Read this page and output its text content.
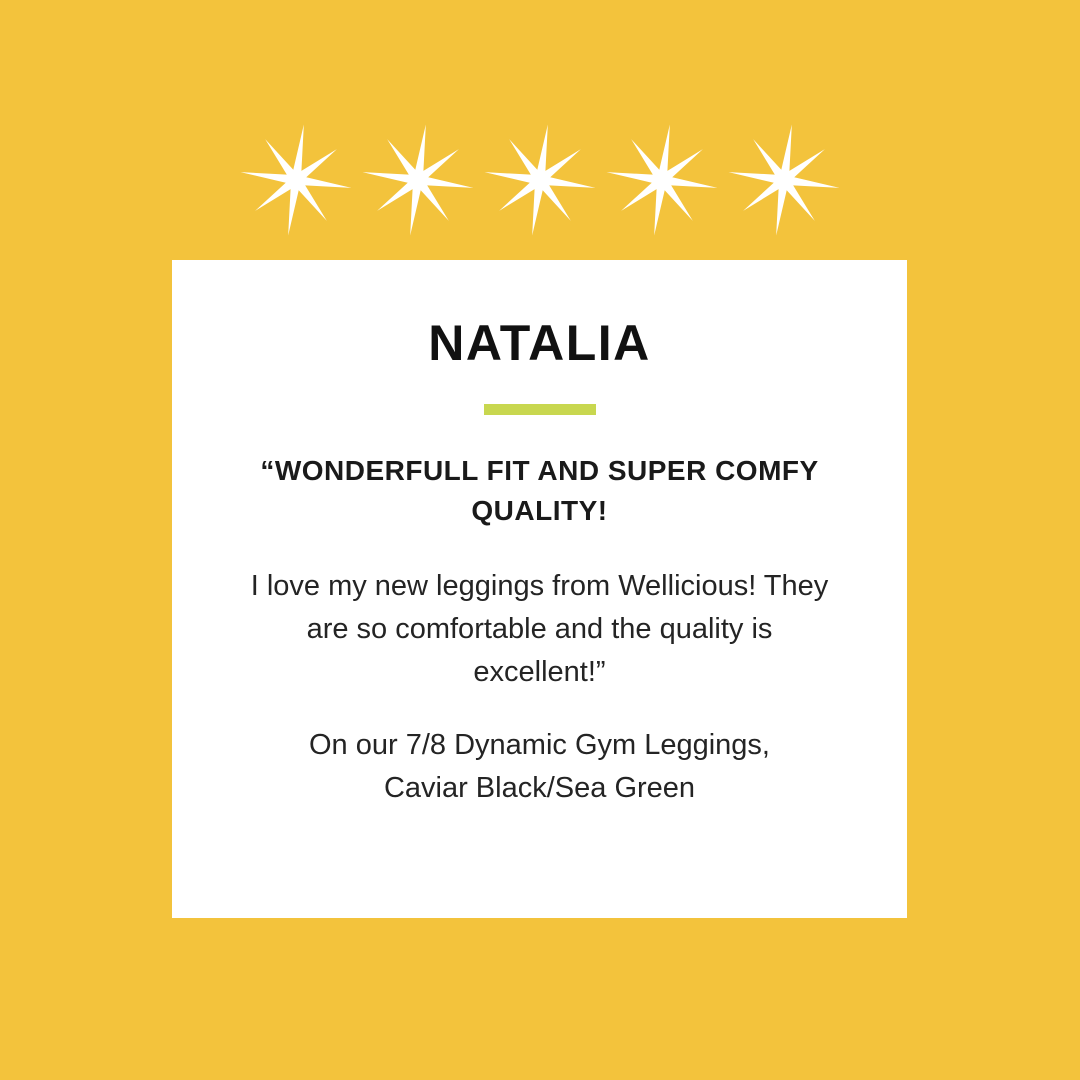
NATALIA
“WONDERFULL FIT AND SUPER COMFY
QUALITY!
I love my new leggings from Wellicious! They
are so comfortable and the quality is
excellent!”
On our 7/8 Dynamic Gym Leggings,
Caviar Black/Sea Green
